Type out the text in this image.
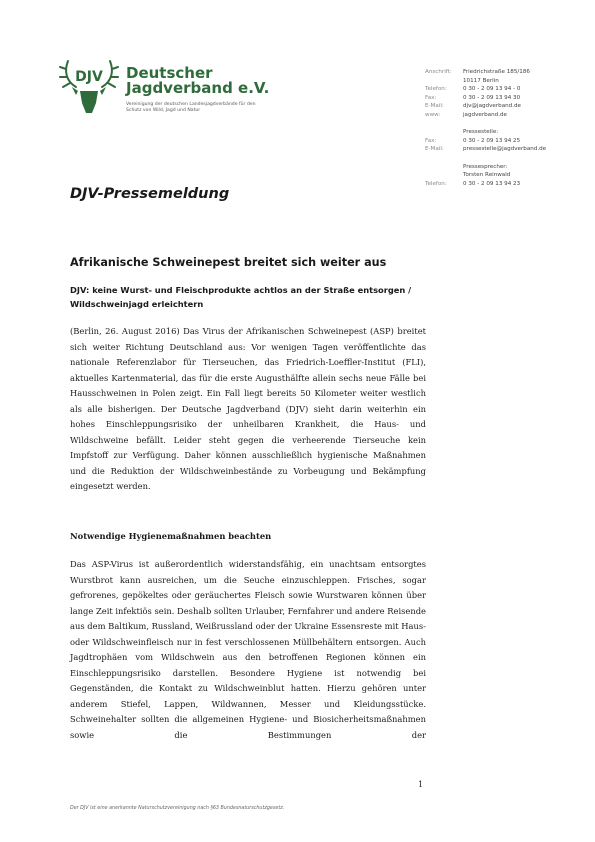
DJV Deutscher
Jagdverband e.V.
Vereinigung der deutschen Landesjagdverbände für den Schutz von Wild, Jagd und Natur
Anschrift:	Friedrichstraße 185/186
10117 Berlin
Telefon:	0 30 - 2 09 13 94 - 0
Fax:	0 30 - 2 09 13 94 30
E-Mail:	djv@jagdverband.de
www:	jagdverband.de
Pressestelle:
Fax:	0 30 - 2 09 13 94 25
E-Mail:	pressestelle@jagdverband.de
Pressesprecher:
Torsten Reinwald
Telefon:	0 30 - 2 09 13 94 23
DJV-Pressemeldung
Afrikanische Schweinepest breitet sich weiter aus
DJV: keine Wurst- und Fleischprodukte achtlos an der Straße entsorgen / Wildschweinjagd erleichtern

(Berlin, 26. August 2016) Das Virus der Afrikanischen Schweinepest (ASP) breitet sich weiter Richtung Deutschland aus: Vor wenigen Tagen veröffentlichte das nationale Referenzlabor für Tierseuchen, das Friedrich-Loeffler-Institut (FLI), aktuelles Kartenmaterial, das für die erste Augusthälfte allein sechs neue Fälle bei Hausschweinen in Polen zeigt. Ein Fall liegt bereits 50 Kilometer weiter westlich als alle bisherigen. Der Deutsche Jagdverband (DJV) sieht darin weiterhin ein hohes Einschleppungsrisiko der unheilbaren Krankheit, die Haus- und Wildschweine befällt. Leider steht gegen die verheerende Tierseuche kein Impfstoff zur Verfügung. Daher können ausschließlich hygienische Maßnahmen und die Reduktion der Wildschweinbestände zu Vorbeugung und Bekämpfung eingesetzt werden.

Notwendige Hygienemaßnahmen beachten

Das ASP-Virus ist außerordentlich widerstandsfähig, ein unachtsam entsorgtes Wurstbrot kann ausreichen, um die Seuche einzuschleppen. Frisches, sogar gefrorenes, gepökeltes oder geräuchertes Fleisch sowie Wurstwaren können über lange Zeit infektiös sein. Deshalb sollten Urlauber, Fernfahrer und andere Reisende aus dem Baltikum, Russland, Weißrussland oder der Ukraine Essensreste mit Haus- oder Wildschweinfleisch nur in fest verschlossenen Müllbehältern entsorgen. Auch Jagdtrophäen vom Wildschwein aus den betroffenen Regionen können ein Einschleppungsrisiko darstellen. Besondere Hygiene ist notwendig bei Gegenständen, die Kontakt zu Wildschweinblut hatten. Hierzu gehören unter anderem Stiefel, Lappen, Wildwannen, Messer und Kleidungsstücke. Schweinehalter sollten die allgemeinen Hygiene- und Biosicherheitsmaßnahmen sowie die Bestimmungen der

1
Der DJV ist eine anerkannte Naturschutzvereinigung nach §63 Bundesnaturschutzgesetz.
